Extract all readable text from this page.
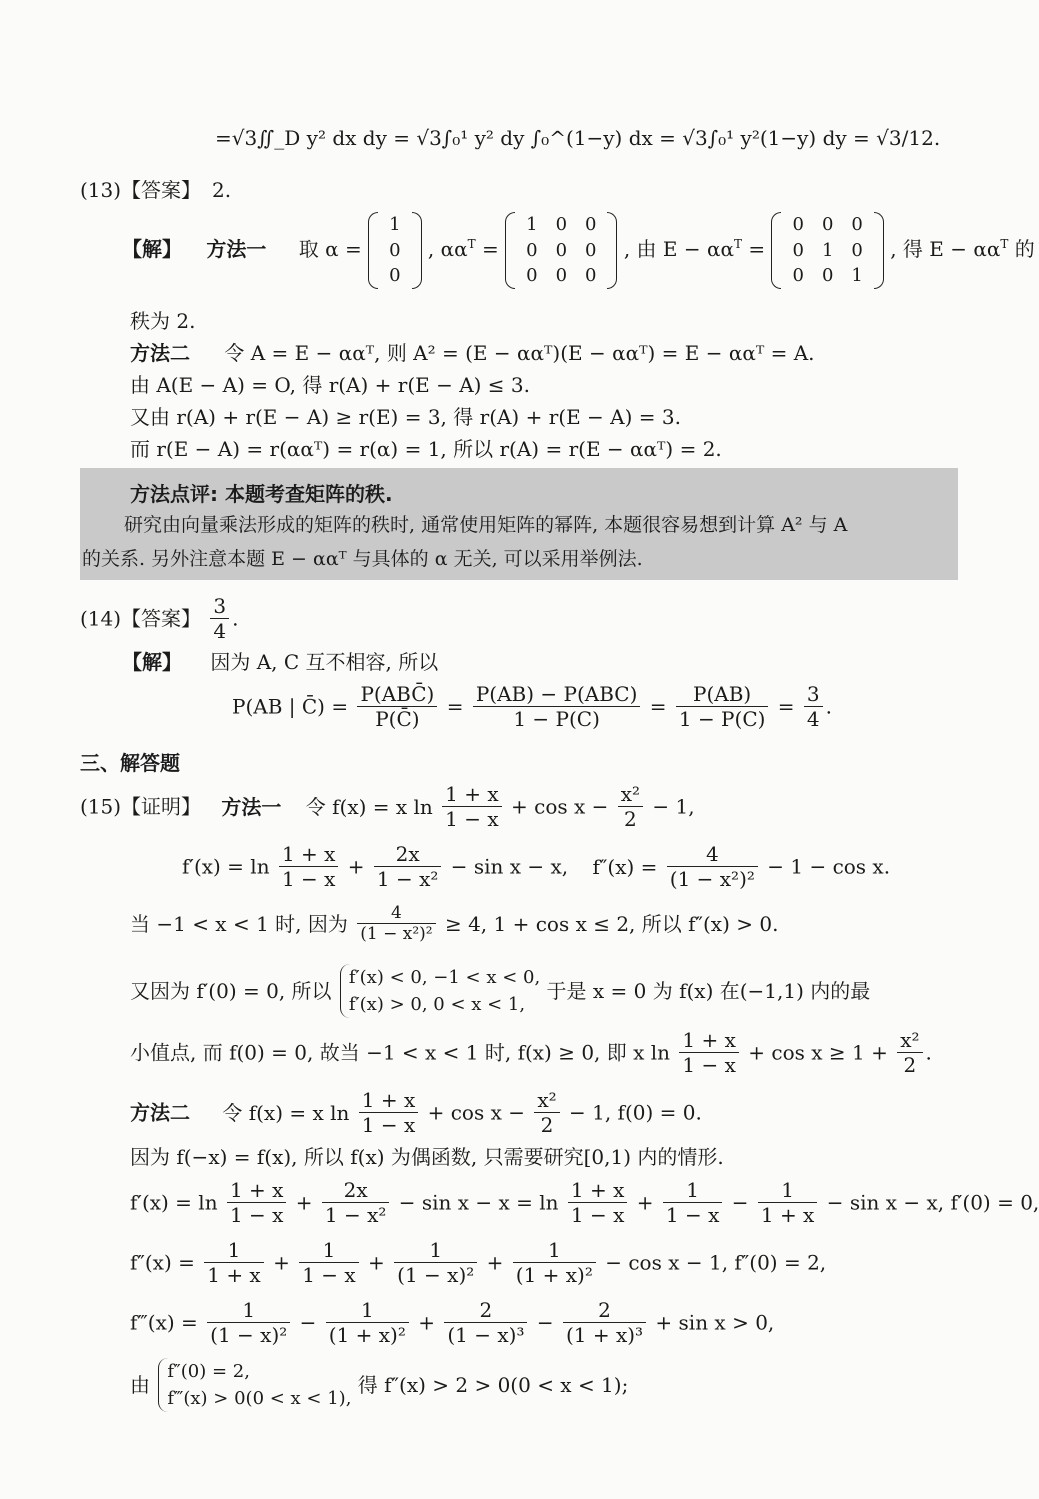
=√3∬_D y² dx dy = √3∫₀¹ y² dy ∫₀^(1−y) dx = √3∫₀¹ y²(1−y) dy = √3/12.
(13)【答案】 2.
【解】 方法一 取 α =
1
0
0
, $\alpha\alpha^T$ =
1	0	0
0	0	0
0	0	0
, 由 $E - \alpha\alpha^T$ =
0	0	0
0	1	0
0	0	1
, 得 $E - \alpha\alpha^T$ 的
秩为 2.
方法二 令 A = E − ααᵀ, 则 A² = (E − ααᵀ)(E − ααᵀ) = E − ααᵀ = A.
由 A(E − A) = O, 得 r(A) + r(E − A) ≤ 3.
又由 r(A) + r(E − A) ≥ r(E) = 3, 得 r(A) + r(E − A) = 3.
而 r(E − A) = r(ααᵀ) = r(α) = 1, 所以 r(A) = r(E − ααᵀ) = 2.
方法点评: 本题考查矩阵的秩.
研究由向量乘法形成的矩阵的秩时, 通常使用矩阵的幂阵, 本题很容易想到计算 A² 与 A
的关系. 另外注意本题 E − ααᵀ 与具体的 α 无关, 可以采用举例法.
(14)【答案】 $\frac{3}{4}$ .
【解】 因为 A, C 互不相容, 所以
P(AB | C̄) = $\frac{\text{P(ABC̄)}}{P(C̄)} = \frac{\text{P(AB) − P(ABC)}}{1 - P(C)} = \frac{P(AB)}{1 - P(C)} = \frac{3}{4}$ .
三、解答题
(15)【证明】 方法一 令 f(x) = x $\ln \frac{1 + x}{1 - x} + \cos x - \frac{\text{x²}}{2} - 1$,
$f'(x) = \ln \frac{1 + x}{1 - x} + \frac{2x}{\text{1 − x²}} - \sin x - x$, $f''(x) = \frac{4}{\text{(1 − x²)²}} - 1 - \cos x$.
当 −1 < x < 1 时, 因为 $\frac{4}{\text{(1 − x²)²}} \ge 4$, 1 + cos x ≤ 2, 所以 f″(x) > 0.
又因为 f′(0) = 0, 所以
f′(x) < 0, −1 < x < 0,
f′(x) > 0, 0 < x < 1,
于是 x = 0 为 f(x) 在(−1,1) 内的最
小值点, 而 f(0) = 0, 故当 −1 < x < 1 时, f(x) ≥ 0, 即 x $\ln \frac{1 + x}{1 - x} + \cos x \ge 1 + \frac{\text{x²}}{2}$ .
方法二 令 f(x) = x $\ln \frac{1 + x}{1 - x} + \cos x - \frac{\text{x²}}{2} - 1$, f(0) = 0.
因为 f(−x) = f(x), 所以 f(x) 为偶函数, 只需要研究[0,1) 内的情形.
$f'(x) = \ln \frac{1 + x}{1 - x} + \frac{2x}{\text{1 − x²}} - \sin x - x = \ln \frac{1 + x}{1 - x} + \frac{1}{1 - x} - \frac{1}{1 + x} - \sin x - x$, f′(0) = 0,
$f''(x) = \frac{1}{1 + x} + \frac{1}{1 - x} + \frac{1}{\text{(1 − x)²}} + \frac{1}{\text{(1 + x)²}} - \cos x - 1$, f″(0) = 2,
f‴(x) = $\frac{1}{\text{(1 − x)²}} - \frac{1}{\text{(1 + x)²}} + \frac{2}{\text{(1 − x)³}} - \frac{2}{\text{(1 + x)³}} + \sin x > 0$,
由
f″(0) = 2,
f‴(x) > 0(0 < x < 1),
得 f″(x) > 2 > 0(0 < x < 1);
